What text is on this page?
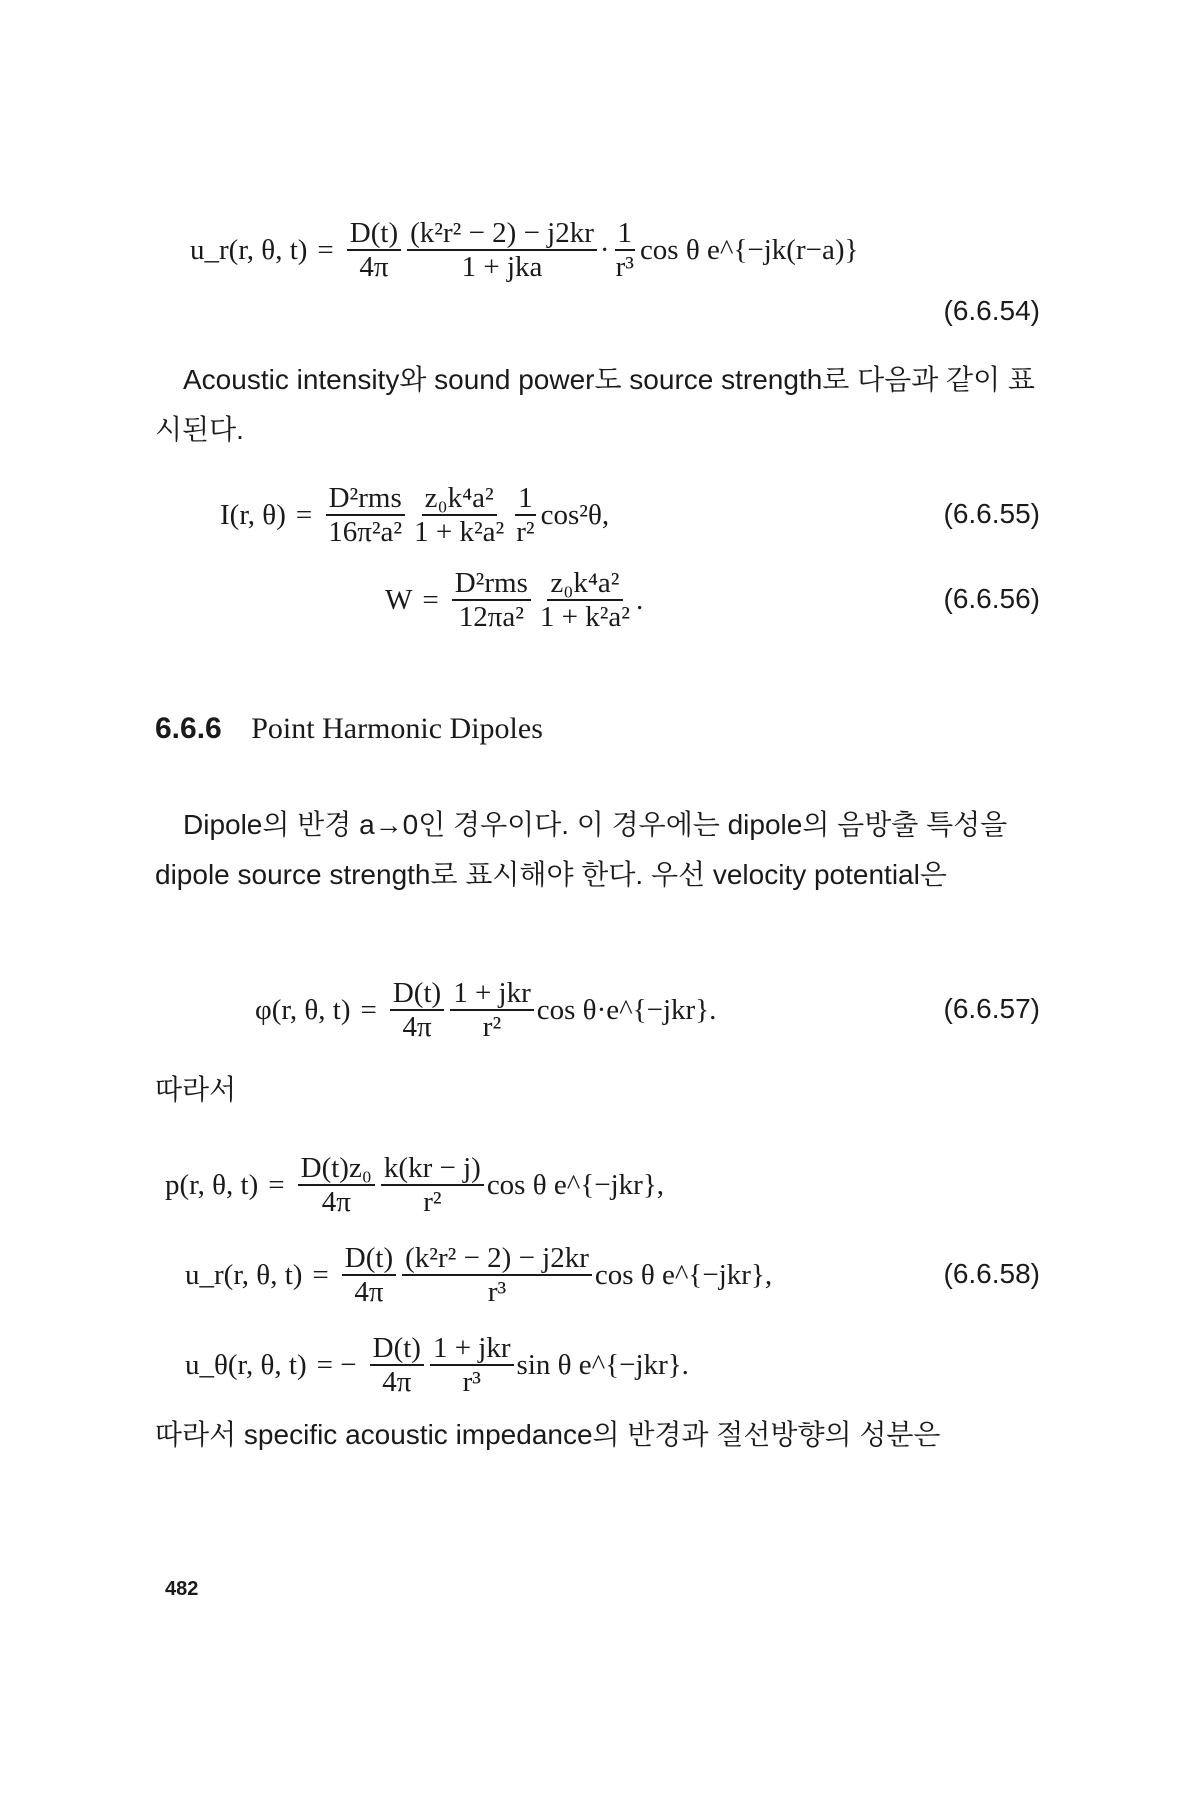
u_r(r, θ, $t) = \frac{D(t)}{4\pi} \frac{\text{(k²r² − 2) − j2kr}}{\text{1 + jka}} \cdot \frac{1}{\text{r³}}$ cos θ e^{−jk(r−a)}
(6.6.54)
Acoustic intensity와 sound power도 source strength로 다음과 같이 표시된다.
I(r, $\theta) = \frac{\text{D²rms}}{\text{16π²a²}} \frac{\text{z₀k⁴a²}}{\text{1 + k²a²}} \frac{1}{\text{r²}} \cos^2\theta$,	(6.6.55)
$W = \frac{\text{D²rms}}{\text{12πa²}} \frac{\text{z₀k⁴a²}}{\text{1 + k²a²}}$ .	(6.6.56)
6.6.6 Point Harmonic Dipoles
Dipole의 반경 a→0인 경우이다. 이 경우에는 dipole의 음방출 특성을 dipole source strength로 표시해야 한다. 우선 velocity potential은
φ(r, θ, $t) = \frac{D(t)}{4\pi} \frac{\text{1 + jkr}}{\text{r²}}$ cos θ·e^{−jkr}.	(6.6.57)
따라서
p(r, θ, $t) = \frac{\text{D(t)z₀}}{4\pi} \frac{k(kr - j)}{\text{r²}}$ cos θ e^{−jkr},
u_r(r, θ, $t) = \frac{D(t)}{4\pi} \frac{\text{(k²r² − 2) − j2kr}}{\text{r³}}$ cos θ e^{−jkr},	(6.6.58)
u_θ(r, θ, t) = − $\frac{D(t)}{4\pi} \frac{\text{1 + jkr}}{\text{r³}}$ sin θ e^{−jkr}.
따라서 specific acoustic impedance의 반경과 절선방향의 성분은
482
